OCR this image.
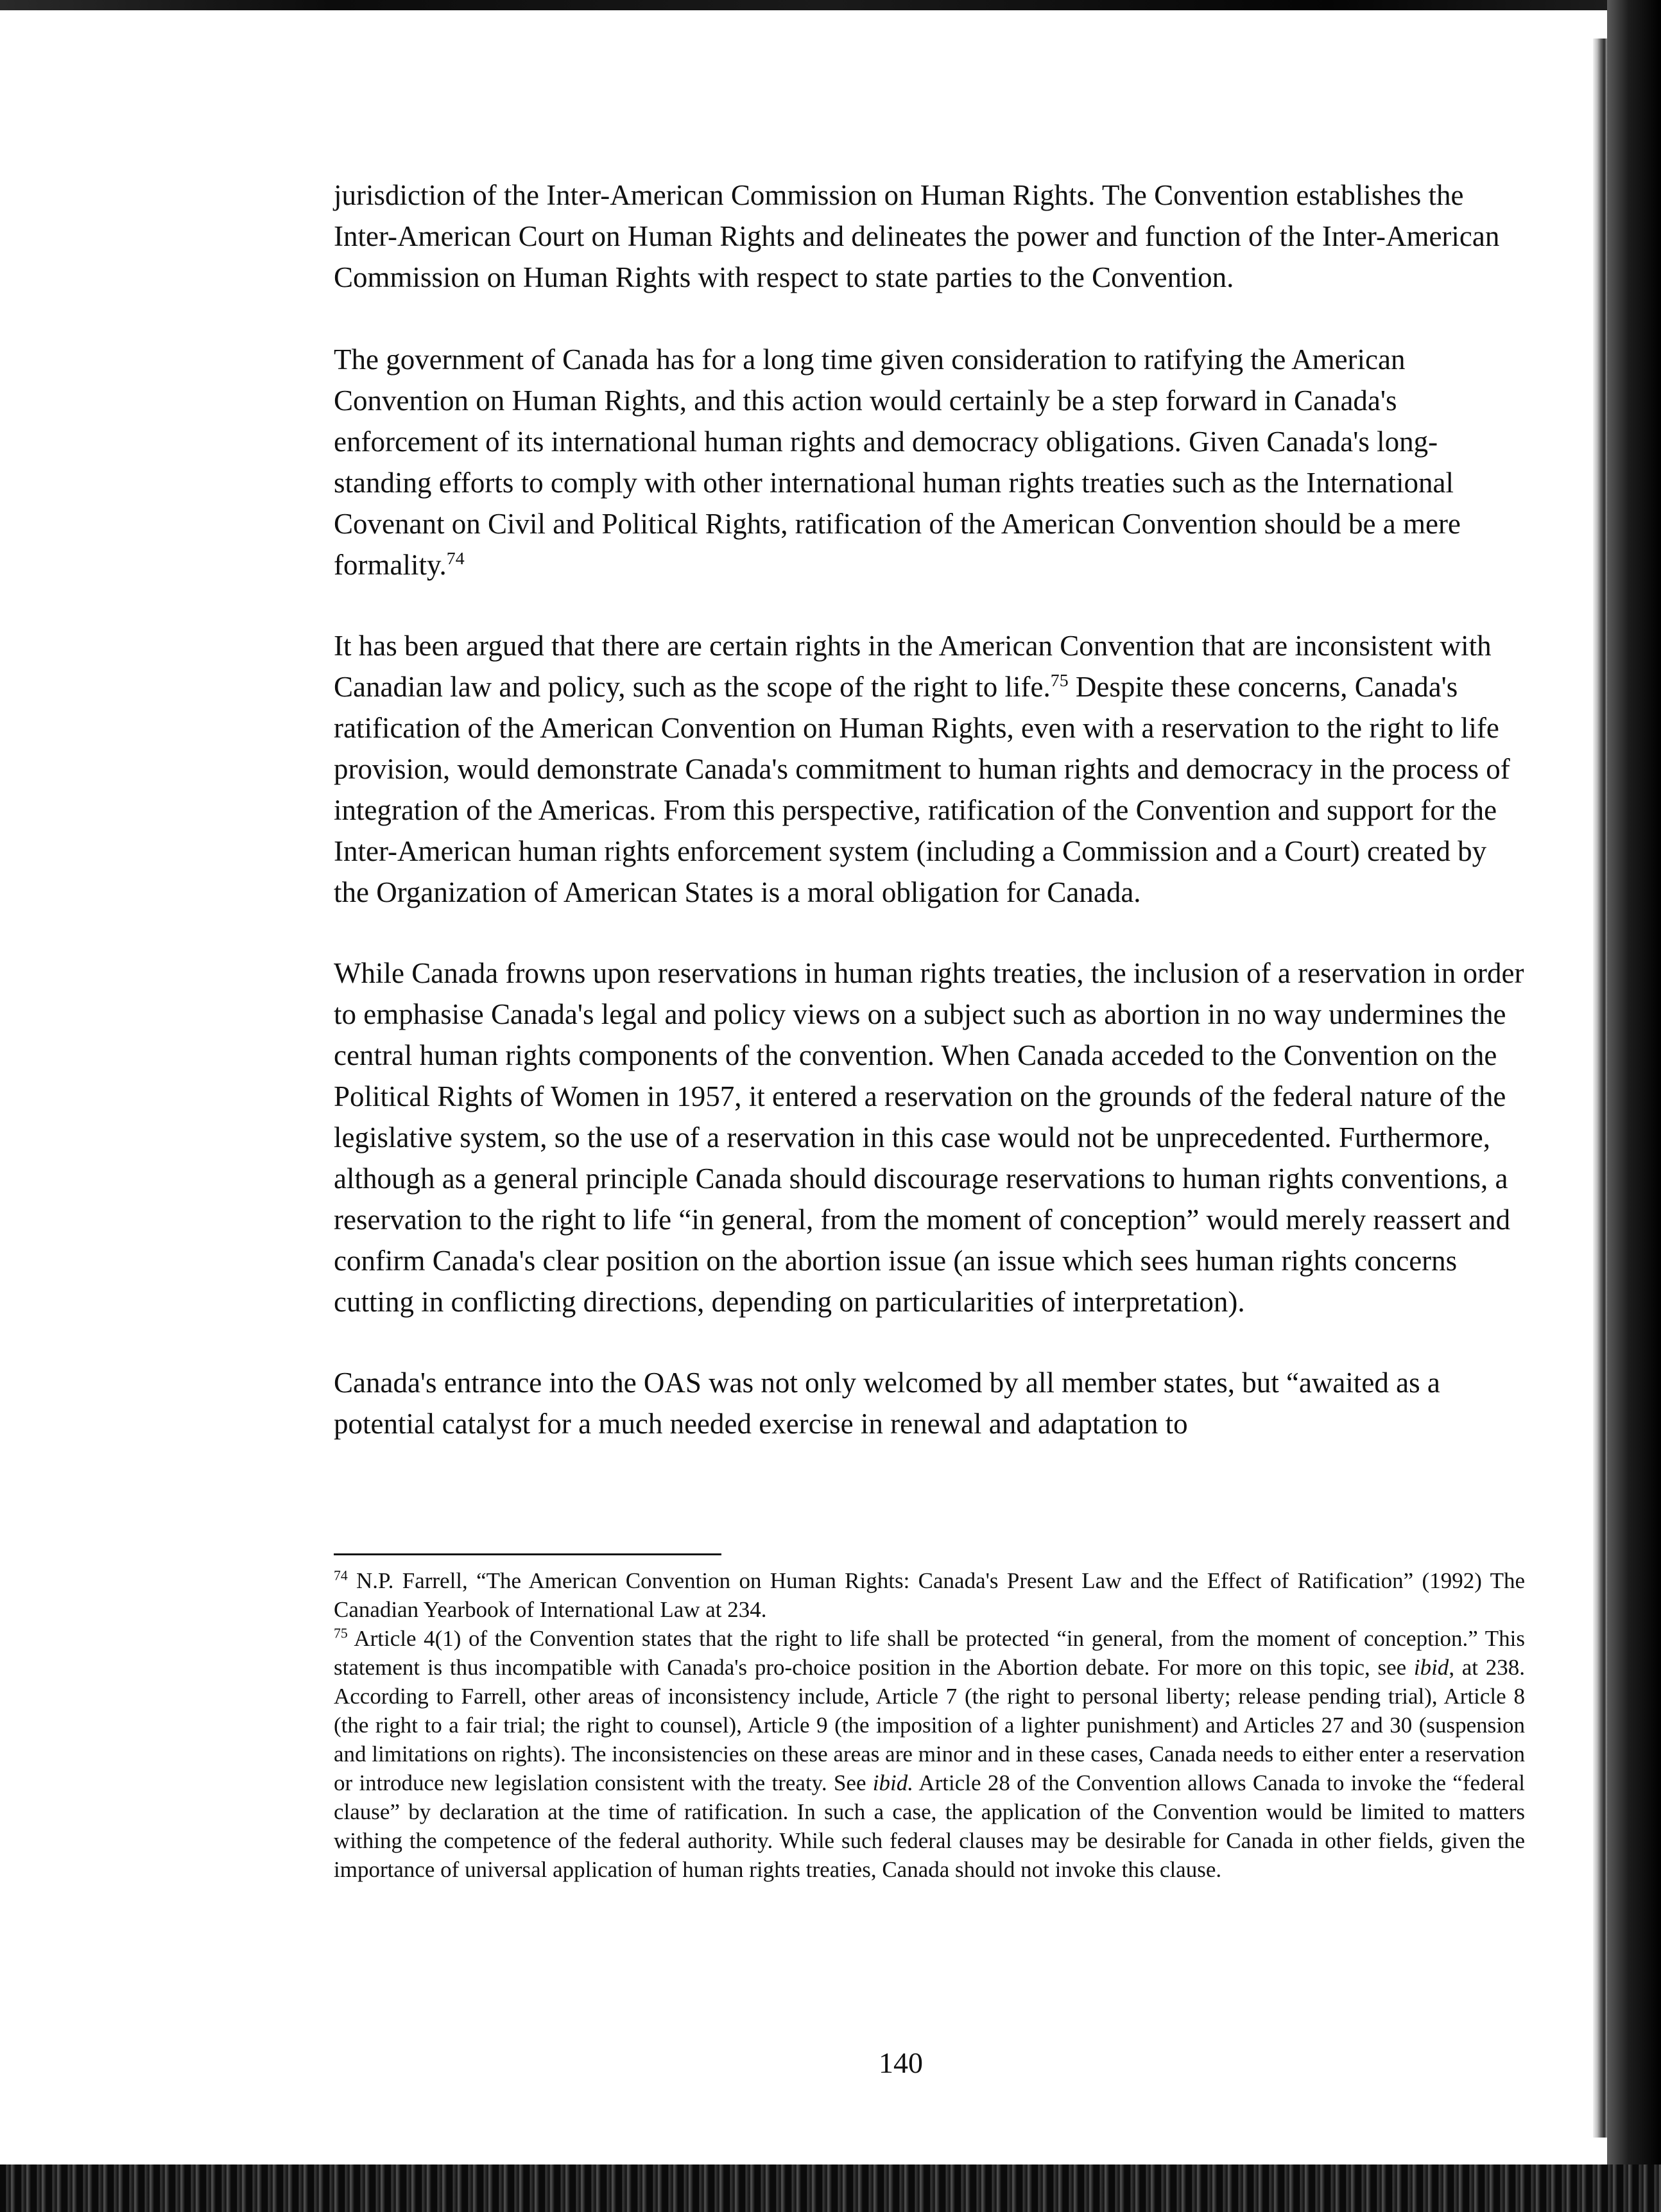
jurisdiction of the Inter-American Commission on Human Rights. The Convention establishes the Inter-American Court on Human Rights and delineates the power and function of the Inter-American Commission on Human Rights with respect to state parties to the Convention.

The government of Canada has for a long time given consideration to ratifying the American Convention on Human Rights, and this action would certainly be a step forward in Canada's enforcement of its international human rights and democracy obligations. Given Canada's long-standing efforts to comply with other international human rights treaties such as the International Covenant on Civil and Political Rights, ratification of the American Convention should be a mere formality.$^{74}$

It has been argued that there are certain rights in the American Convention that are inconsistent with Canadian law and policy, such as the scope of the right to life.$^{75}$ Despite these concerns, Canada's ratification of the American Convention on Human Rights, even with a reservation to the right to life provision, would demonstrate Canada's commitment to human rights and democracy in the process of integration of the Americas. From this perspective, ratification of the Convention and support for the Inter-American human rights enforcement system (including a Commission and a Court) created by the Organization of American States is a moral obligation for Canada.

While Canada frowns upon reservations in human rights treaties, the inclusion of a reservation in order to emphasise Canada's legal and policy views on a subject such as abortion in no way undermines the central human rights components of the convention. When Canada acceded to the Convention on the Political Rights of Women in 1957, it entered a reservation on the grounds of the federal nature of the legislative system, so the use of a reservation in this case would not be unprecedented. Furthermore, although as a general principle Canada should discourage reservations to human rights conventions, a reservation to the right to life “in general, from the moment of conception” would merely reassert and confirm Canada's clear position on the abortion issue (an issue which sees human rights concerns cutting in conflicting directions, depending on particularities of interpretation).

Canada's entrance into the OAS was not only welcomed by all member states, but “awaited as a potential catalyst for a much needed exercise in renewal and adaptation to

$^{74}$ N.P. Farrell, “The American Convention on Human Rights: Canada's Present Law and the Effect of Ratification” (1992) The Canadian Yearbook of International Law at 234.

$^{75}$ Article 4(1) of the Convention states that the right to life shall be protected “in general, from the moment of conception.” This statement is thus incompatible with Canada's pro-choice position in the Abortion debate. For more on this topic, see ibid, at 238. According to Farrell, other areas of inconsistency include, Article 7 (the right to personal liberty; release pending trial), Article 8 (the right to a fair trial; the right to counsel), Article 9 (the imposition of a lighter punishment) and Articles 27 and 30 (suspension and limitations on rights). The inconsistencies on these areas are minor and in these cases, Canada needs to either enter a reservation or introduce new legislation consistent with the treaty. See ibid. Article 28 of the Convention allows Canada to invoke the “federal clause” by declaration at the time of ratification. In such a case, the application of the Convention would be limited to matters withing the competence of the federal authority. While such federal clauses may be desirable for Canada in other fields, given the importance of universal application of human rights treaties, Canada should not invoke this clause.

140
